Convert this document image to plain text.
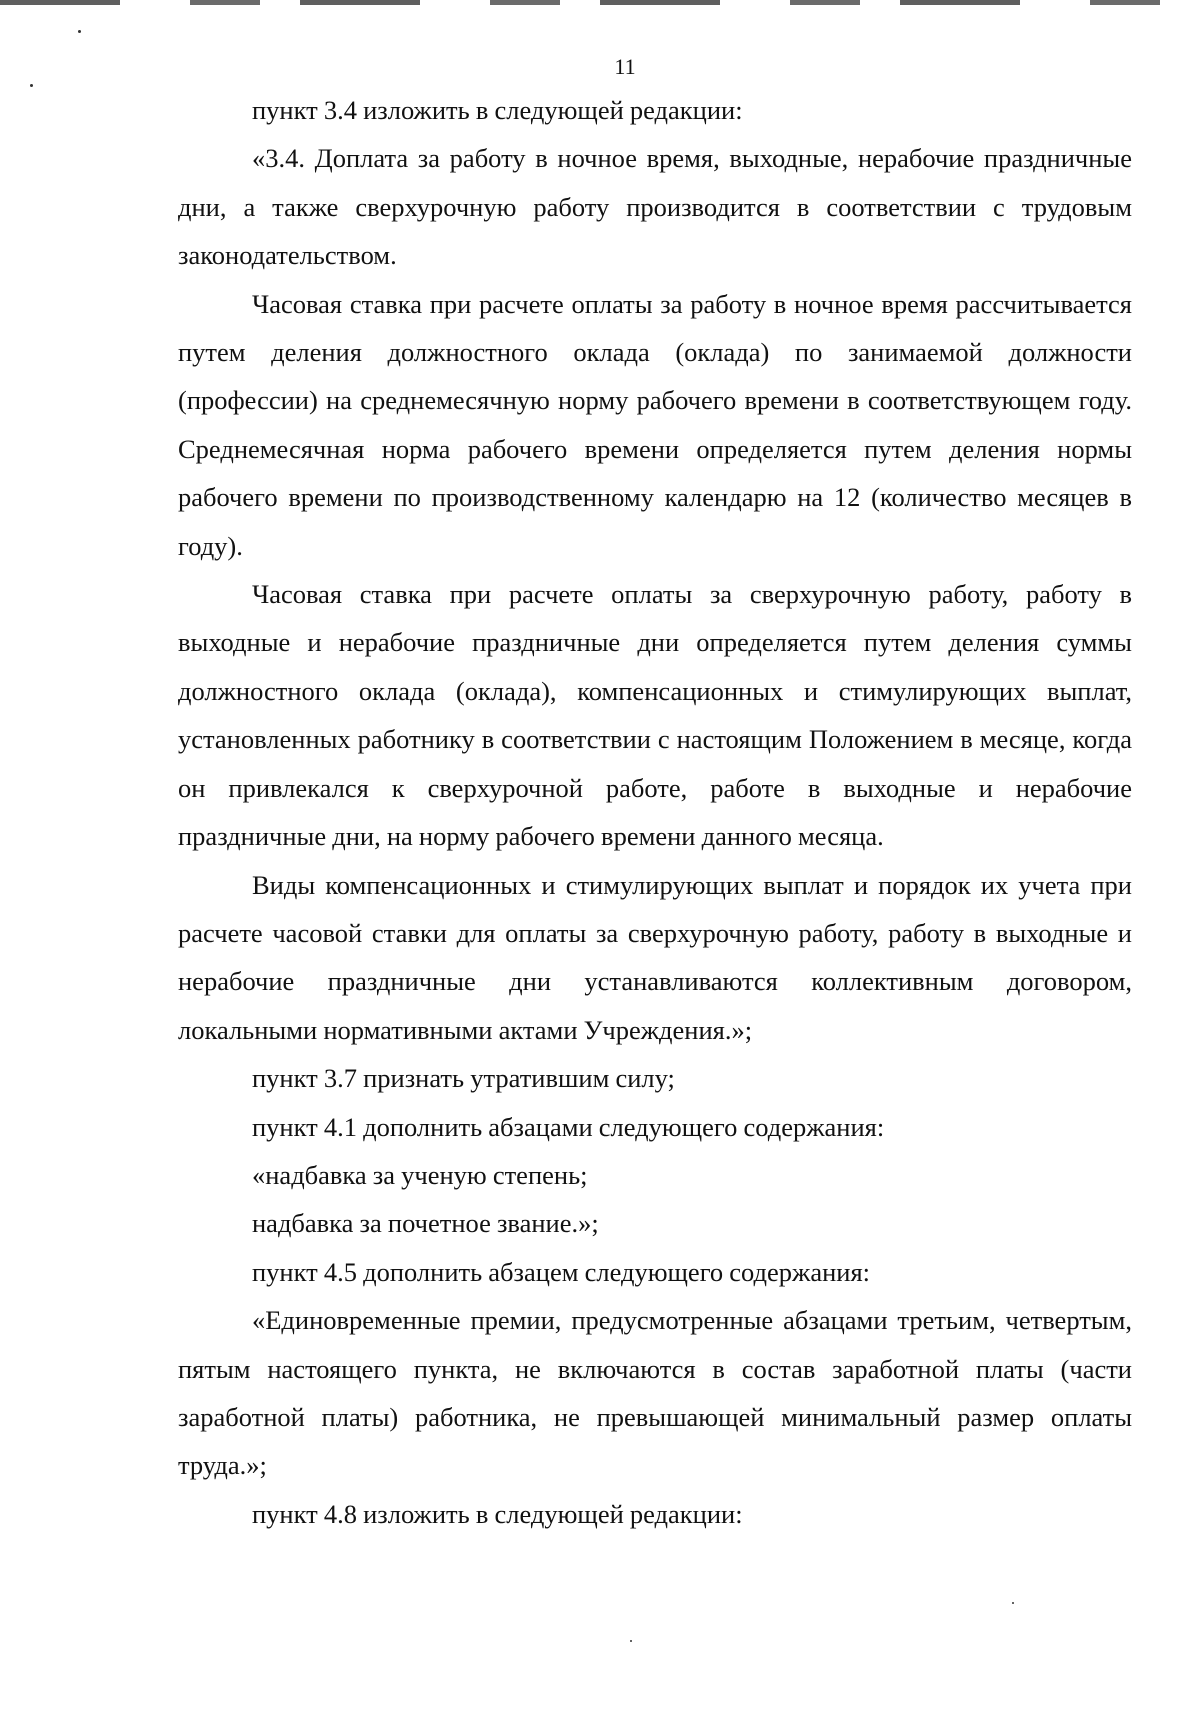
11

пункт 3.4 изложить в следующей редакции:

«3.4. Доплата за работу в ночное время, выходные, нерабочие праздничные дни, а также сверхурочную работу производится в соответствии с трудовым законодательством.

Часовая ставка при расчете оплаты за работу в ночное время рассчитывается путем деления должностного оклада (оклада) по занимаемой должности (профессии) на среднемесячную норму рабочего времени в соответствующем году. Среднемесячная норма рабочего времени определяется путем деления нормы рабочего времени по производственному календарю на 12 (количество месяцев в году).

Часовая ставка при расчете оплаты за сверхурочную работу, работу в выходные и нерабочие праздничные дни определяется путем деления суммы должностного оклада (оклада), компенсационных и стимулирующих выплат, установленных работнику в соответствии с настоящим Положением в месяце, когда он привлекался к сверхурочной работе, работе в выходные и нерабочие праздничные дни, на норму рабочего времени данного месяца.

Виды компенсационных и стимулирующих выплат и порядок их учета при расчете часовой ставки для оплаты за сверхурочную работу, работу в выходные и нерабочие праздничные дни устанавливаются коллективным договором, локальными нормативными актами Учреждения.»;

пункт 3.7 признать утратившим силу;

пункт 4.1 дополнить абзацами следующего содержания:

«надбавка за ученую степень;

надбавка за почетное звание.»;

пункт 4.5 дополнить абзацем следующего содержания:

«Единовременные премии, предусмотренные абзацами третьим, четвертым, пятым настоящего пункта, не включаются в состав заработной платы (части заработной платы) работника, не превышающей минимальный размер оплаты труда.»;

пункт 4.8 изложить в следующей редакции:
